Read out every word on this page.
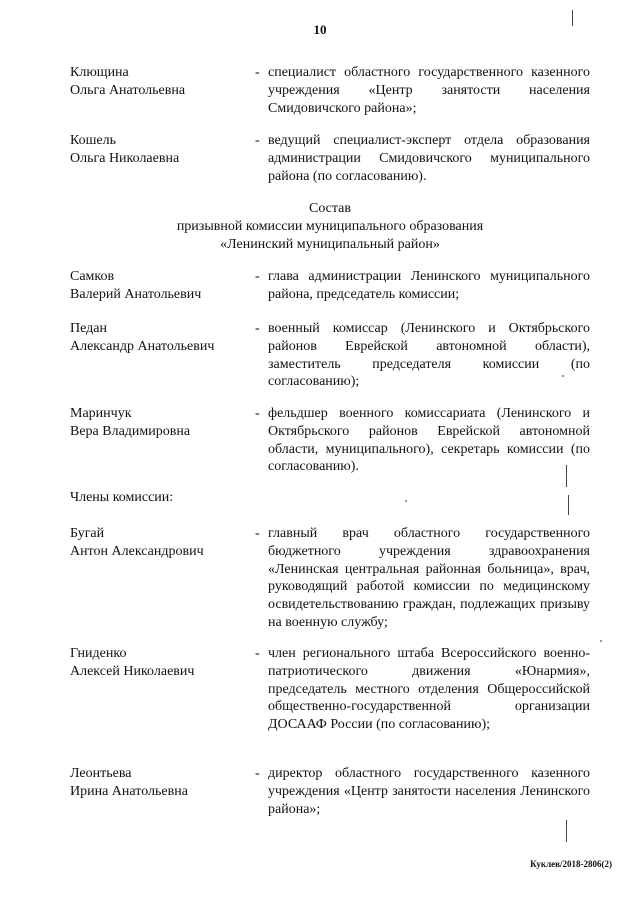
10
Клющина
Ольга Анатольевна
- специалист областного государственного казенного учреждения «Центр занятости населения Смидовичского района»;
Кошель
Ольга Николаевна
- ведущий специалист-эксперт отдела образования администрации Смидовичского муниципального района (по согласованию).
Состав
призывной комиссии муниципального образования
«Ленинский муниципальный район»
Самков
Валерий Анатольевич
- глава администрации Ленинского муниципального района, председатель комиссии;
Педан
Александр Анатольевич
- военный комиссар (Ленинского и Октябрьского районов Еврейской автономной области), заместитель председателя комиссии (по согласованию);
Маринчук
Вера Владимировна
- фельдшер военного комиссариата (Ленинского и Октябрьского районов Еврейской автономной области, муниципального), секретарь комиссии (по согласованию).
Члены комиссии:
Бугай
Антон Александрович
- главный врач областного государственного бюджетного учреждения здравоохранения «Ленинская центральная районная больница», врач, руководящий работой комиссии по медицинскому освидетельствованию граждан, подлежащих призыву на военную службу;
Гниденко
Алексей Николаевич
- член регионального штаба Всероссийского военно-патриотического движения «Юнармия», председатель местного отделения Общероссийской общественно-государственной организации ДОСААФ России (по согласованию);
Леонтьева
Ирина Анатольевна
- директор областного государственного казенного учреждения «Центр занятости населения Ленинского района»;
Куклев/2018-2806(2)
